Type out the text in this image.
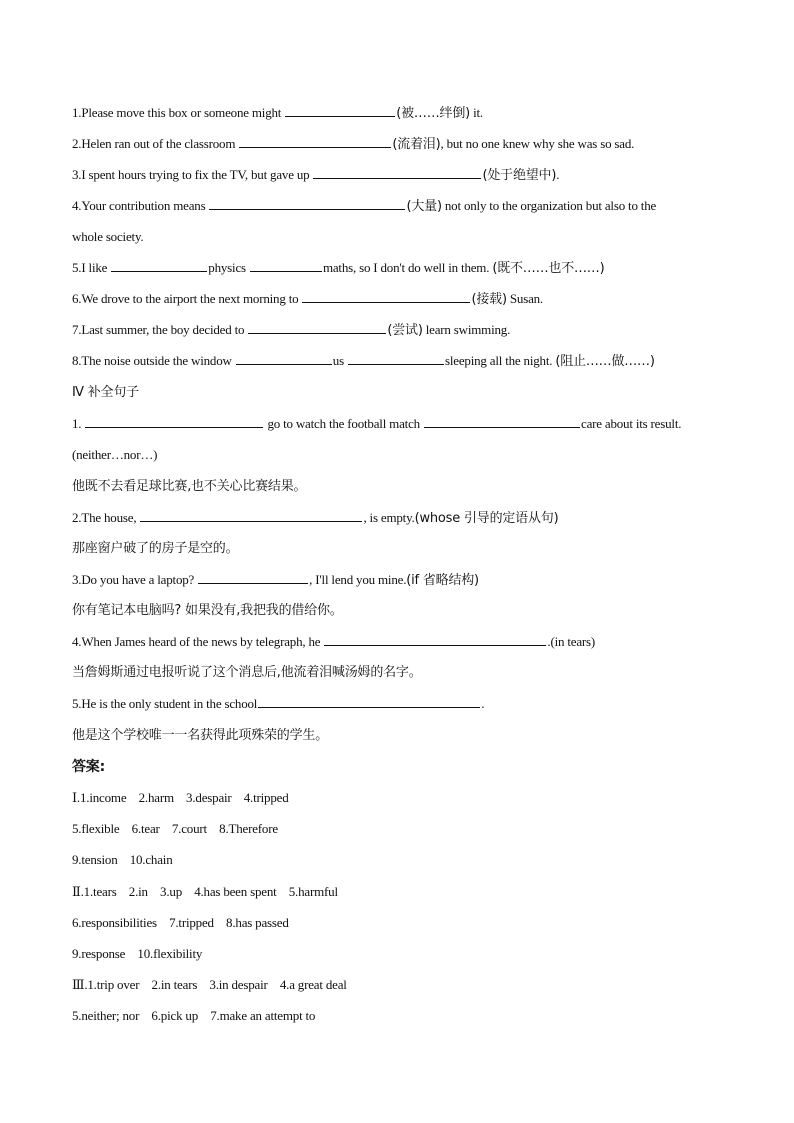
1.Please move this box or someone might	(被……绊倒) it.
2.Helen ran out of the classroom	(流着泪), but no one knew why she was so sad.
3.I spent hours trying to fix the TV, but gave up	(处于绝望中).
4.Your contribution means	(大量) not only to the organization but also to the
whole society.
5.I like	physics	maths, so I don't do well in them. (既不……也不……)
6.We drove to the airport the next morning to	(接载) Susan.
7.Last summer, the boy decided to	(尝试) learn swimming.
8.The noise outside the window	us	sleeping all the night. (阻止……做……)
Ⅳ 补全句子
1.	go to watch the football match	care about its result.
(neither…nor…)
他既不去看足球比赛,也不关心比赛结果。
2.The house,	, is empty.(whose 引导的定语从句)
那座窗户破了的房子是空的。
3.Do you have a laptop?	, I'll lend you mine.(if 省略结构)
你有笔记本电脑吗? 如果没有,我把我的借给你。
4.When James heard of the news by telegraph, he	.(in tears)
当詹姆斯通过电报听说了这个消息后,他流着泪喊汤姆的名字。
5.He is the only student in the school	.
他是这个学校唯一一名获得此项殊荣的学生。
答案:
Ⅰ.1.income    2.harm    3.despair    4.tripped
5.flexible    6.tear    7.court    8.Therefore
9.tension    10.chain
Ⅱ.1.tears    2.in    3.up    4.has been spent    5.harmful
6.responsibilities    7.tripped    8.has passed
9.response    10.flexibility
Ⅲ.1.trip over    2.in tears    3.in despair    4.a great deal
5.neither; nor    6.pick up    7.make an attempt to
